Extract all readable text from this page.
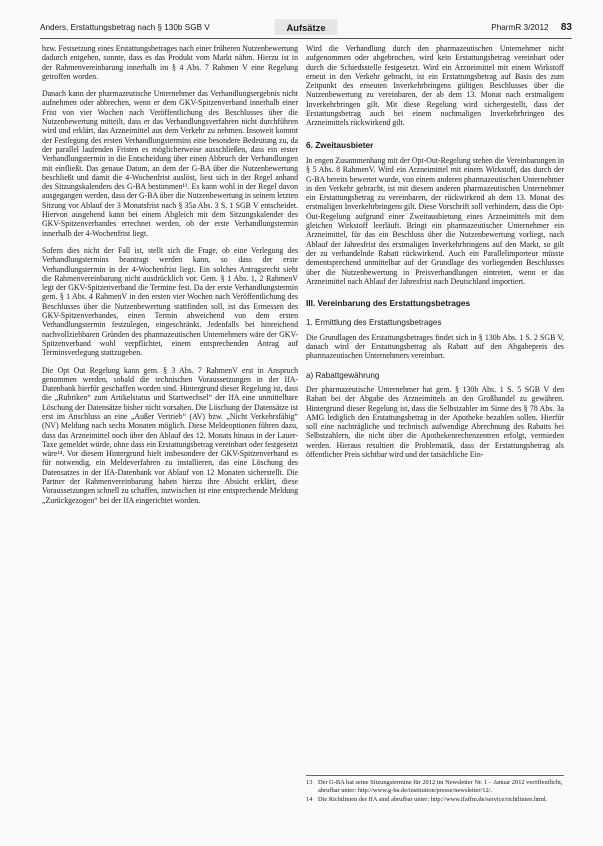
Anders, Erstattungsbetrag nach § 130b SGB V	Aufsätze	PharmR 3/2012 83

bzw. Festsetzung eines Erstattungsbetrages nach einer früheren Nutzenbewertung dadurch entgehen, sonnte, dass es das Produkt vom Markt nähm. Hierzu ist in der Rahmenvereinbarung innerhalb im § 4 Abs. 7 Rahmen V eine Regelung getroffen worden.

Danach kann der pharmazeutische Unternehmer das Verhandlungsergebnis nicht aufnehmen oder abbrechen, wenn er dem GKV-Spitzenverband innerhalb einer Frist von vier Wochen nach Veröffentlichung des Beschlusses über die Nutzenbewertung mitteilt, dass er das Verhandlungsverfahren nicht durchführen wird und erklärt, das Arzneimittel aus dem Verkehr zu nehmen. Insoweit kommt der Festlegung des ersten Verhandlungstermins eine besondere Bedeutung zu, da der parallel laufenden Fristen es möglicherweise ausschließen, dass ein erster Verhandlungstermin in die Entscheidung über einen Abbruch der Verhandlungen mit einfließt. Das genaue Datum, an dem der G-BA über die Nutzenbewertung beschließt und damit die 4-Wochenfrist auslöst, liest sich in der Regel anhand des Sitzungskalenders des G-BA bestimmen¹³. Es kann wohl in der Regel davon ausgegangen werden, dass der G-BA über die Nutzenbewertung in seinem letzten Sitzung vor Ablauf der 3 Monatsfrist nach § 35a Abs. 3 S. 1 SGB V entscheidet. Hiervon ausgehend kann bei einem Abgleich mit dem Sitzungskalender des GKV-Spitzenverbandes errechnet werden, ob der erste Verhandlungstermin innerhalb der 4-Wochenfrist liegt.

Sofern dies nicht der Fall ist, stellt sich die Frage, ob eine Verlegung des Verhandlungstermins beantragt werden kann, so dass der erste Verhandlungstermin in der 4-Wochenfrist liegt. Ein solches Antragsrecht sieht die Rahmenvereinbarung nicht ausdrücklich vor. Gem. § 1 Abs. 1, 2 RahmenV legt der GKV-Spitzenverband die Termine fest. Da der erste Verhandlungstermin gem. § 1 Abs. 4 RahmenV in den ersten vier Wochen nach Veröffentlichung des Beschlusses über die Nutzenbewertung stattfinden soll, ist das Ermessen des GKV-Spitzenverbandes, einen Termin abweichend von dem ersten Verhandlungstermin festzulegen, eingeschränkt. Jedenfalls bei hinreichend nachvollziehbaren Gründen des pharmazeutischen Unternehmers wäre der GKV-Spitzenverband wohl verpflichtet, einem entsprechenden Antrag auf Terminsverlegung stattzugeben.

Die Opt Out Regelung kann gem. § 3 Abs. 7 RahmenV erst in Anspruch genommen werden, sobald die technischen Voraussetzungen in der IfA-Datenbank hierfür geschaffen worden sind. Hintergrund dieser Regelung ist, dass die „Rubriken“ zum Artikelstatus und Startwechsel“ der IfA eine unmittelbare Löschung der Datensätze bisher nicht vorsahen. Die Löschung der Datensätze ist erst im Anschluss an eine „Außer Vertrieb“ (AV) bzw. „Nicht Verkehrsfähig“ (NV) Meldung nach sechs Monaten möglich. Diese Meldeoptionen führen dazu, dass das Arzneimittel noch über den Ablauf des 12. Monats hinaus in der Lauer-Taxe gemeldet würde, ohne dass ein Erstattungsbetrag vereinbart oder festgesetzt wäre¹⁴. Vor diesem Hintergrund hielt insbesondere der GKV-Spitzenverband es für notwendig, ein Meldeverfahren zu installieren, das eine Löschung des Datensatzes in der IfA-Datenbank vor Ablauf von 12 Monaten sicherstellt. Die Partner der Rahmenvereinbarung haben hierzu ihre Absicht erklärt, diese Voraussetzungen schnell zu schaffen, inzwischen ist eine entsprechende Meldung „Zurückgezogen“ bei der IfA eingerichtet worden.

Wird die Verhandlung durch den pharmazeutischen Unternehmer nicht aufgenommen oder abgebrochen, wird kein Erstattungsbetrag vereinbart oder durch die Schiedsstelle festgesetzt. Wird ein Arzneimittel mit einem Wirkstoff erneut in den Verkehr gebracht, ist ein Erstattungsbetrag auf Basis des zum Zeitpunkt des erneuten Inverkehrbringens gültigen Beschlusses über die Nutzenbewertung zu vereinbaren, der ab dem 13. Monat nach erstmaligem Inverkehrbringen gilt. Mit diese Regelung wird sichergestellt, dass der Erstattungsbetrag auch bei einem nochmaligen Inverkehrbringen des Arzneimittels rückwirkend gilt.

6. Zweitausbieter

In engen Zusammenhang mit der Opt-Out-Regelung stehen die Vereinbarungen in § 5 Abs. 8 RahmenV. Wird ein Arzneimittel mit einem Wirkstoff, das durch der G-BA bereits bewertet wurde, von einem anderen pharmazeutischen Unternehmer in den Verkehr gebracht, ist mit diesem anderen pharmazeutischen Unternehmer ein Erstattungsbetrag zu vereinbaren, der rückwirkend ab dem 13. Monat des erstmaligen Inverkehrbringens gilt. Diese Vorschrift soll verhindern, dass die Opt-Out-Regelung aufgrund einer Zweitausbietung eines Arzneimittels mit dem gleichen Wirkstoff leerläuft. Bringt ein pharmazeutischer Unternehmer ein Arzneimittel, für das ein Beschluss über die Nutzenbewertung vorliegt, nach Ablauf der Jahresfrist des erstmaligen Inverkehrbringens auf den Markt, so gilt der zu verhandelnde Rabatt rückwirkend. Auch ein Parallelimporteur müsste dementsprechend unmittelbar auf der Grundlage des vorliegenden Beschlusses über die Nutzenbewertung in Preisverhandlungen eintreten, wenn er das Arzneimittel nach Ablauf der Jahresfrist nach Deutschland importiert.

III. Vereinbarung des Erstattungsbetrages
1. Ermittlung des Erstattungsbetrages

Die Grundlagen des Erstattungsbetrages findet sich in § 130b Abs. 1 S. 2 SGB V, danach wird der Erstattungsbetrag als Rabatt auf den Abgabepreis des pharmazeutischen Unternehmers vereinbart.

a) Rabattgewährung

Der pharmazeutische Unternehmer hat gem. § 130b Abs. 1 S. 5 SGB V den Rabatt bei der Abgabe des Arzneimittels an den Großhandel zu gewähren. Hintergrund dieser Regelung ist, dass die Selbstzahler im Sinne des § 78 Abs. 3a AMG lediglich den Erstattungsbetrag in der Apotheke bezahlen sollen. Hierfür soll eine nachträgliche und technisch aufwendige Abrechnung des Rabatts bei Selbstzahlern, die nicht über die Apothekenrechenzentren erfolgt, vermieden werden. Hieraus resultiert die Problematik, dass der Erstattungsbetrag als öffentlicher Preis sichtbar wird und der tatsächliche Ein-

13 Der G-BA hat seine Sitzungstermine für 2012 im Newsletter Nr. 1 – Januar 2012 veröffentlicht, abrufbar unter: http://www.g-ba.de/institution/presse/newsletter/12/.
14 Die Richtlinien der IfA sind abrufbar unter: http://www.ifaffm.de/service/richtlinien.html.
